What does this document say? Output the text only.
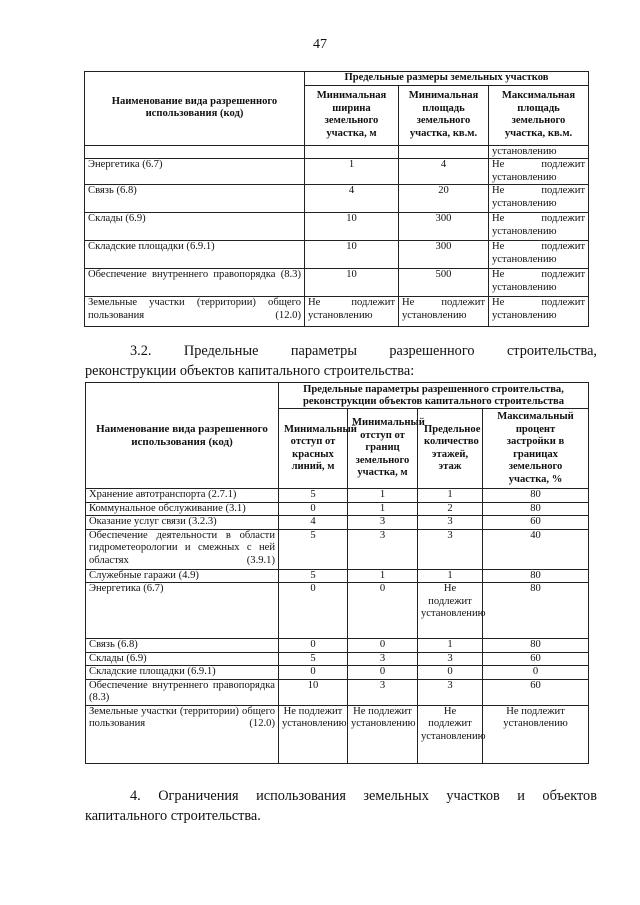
47
Наименование вида разрешенного использования (код)	Предельные размеры земельных участков		
	Минимальная ширина земельного участка, м	Минимальная площадь земельного участка, кв.м.	Максимальная площадь земельного участка, кв.м.
			установлению
Энергетика (6.7)	1	4	Не подлежит установлению
Связь (6.8)	4	20	Не подлежит установлению
Склады (6.9)	10	300	Не подлежит установлению
Складские площадки (6.9.1)	10	300	Не подлежит установлению
Обеспечение внутреннего правопорядка (8.3)	10	500	Не подлежит установлению
Земельные участки (территории) общего пользования (12.0)	Не подлежит установлению	Не подлежит установлению	Не подлежит установлению
3.2. Предельные параметры разрешенного строительства,
реконструкции объектов капитального строительства:
Наименование вида разрешенного использования (код)	Предельные параметры разрешенного строительства, реконструкции объектов капитального строительства			
	Минимальный отступ от красных линий, м	Минимальный отступ от границ земельного участка, м	Предельное количество этажей, этаж	Максимальный процент застройки в границах земельного участка, %
Хранение автотранспорта (2.7.1)	5	1	1	80
Коммунальное обслуживание (3.1)	0	1	2	80
Оказание услуг связи (3.2.3)	4	3	3	60
Обеспечение деятельности в области гидрометеорологии и смежных с ней областях (3.9.1)	5	3	3	40
Служебные гаражи (4.9)	5	1	1	80
Энергетика (6.7)	0	0	Не подлежит установлению	80
Связь (6.8)	0	0	1	80
Склады (6.9)	5	3	3	60
Складские площадки (6.9.1)	0	0	0	0
Обеспечение внутреннего правопорядка (8.3)	10	3	3	60
Земельные участки (территории) общего пользования (12.0)	Не подлежит установлению	Не подлежит установлению	Не подлежит установлению	Не подлежит установлению
4. Ограничения использования земельных участков и объектов
капитального строительства.
